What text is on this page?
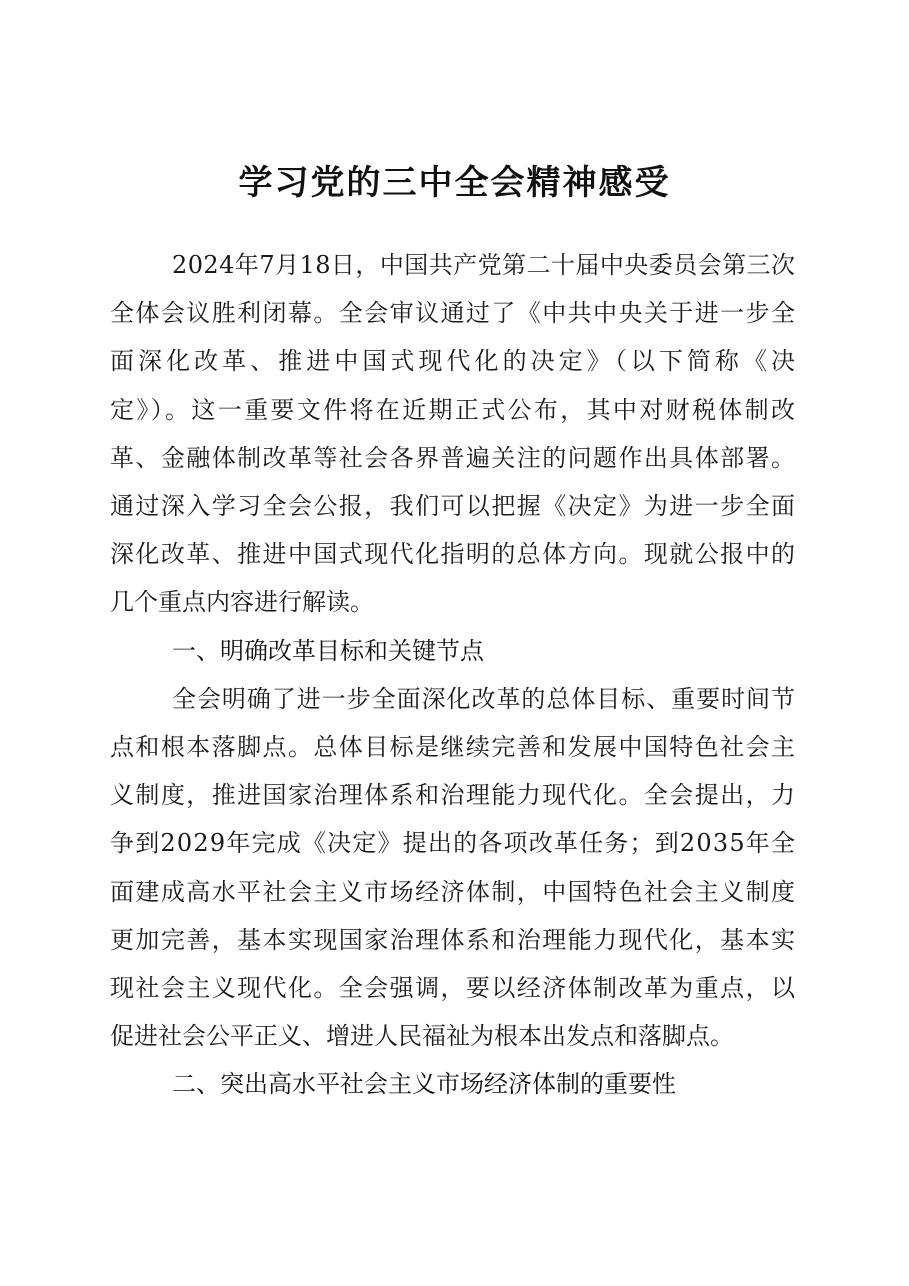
学习党的三中全会精神感受
2024年7月18日，中国共产党第二十届中央委员会第三次
全体会议胜利闭幕。全会审议通过了《中共中央关于进一步全
面深化改革、推进中国式现代化的决定》（以下简称《决
定》）。这一重要文件将在近期正式公布，其中对财税体制改
革、金融体制改革等社会各界普遍关注的问题作出具体部署。
通过深入学习全会公报，我们可以把握《决定》为进一步全面
深化改革、推进中国式现代化指明的总体方向。现就公报中的
几个重点内容进行解读。
一、明确改革目标和关键节点
全会明确了进一步全面深化改革的总体目标、重要时间节
点和根本落脚点。总体目标是继续完善和发展中国特色社会主
义制度，推进国家治理体系和治理能力现代化。全会提出，力
争到2029年完成《决定》提出的各项改革任务；到2035年全
面建成高水平社会主义市场经济体制，中国特色社会主义制度
更加完善，基本实现国家治理体系和治理能力现代化，基本实
现社会主义现代化。全会强调，要以经济体制改革为重点，以
促进社会公平正义、增进人民福祉为根本出发点和落脚点。
二、突出高水平社会主义市场经济体制的重要性
